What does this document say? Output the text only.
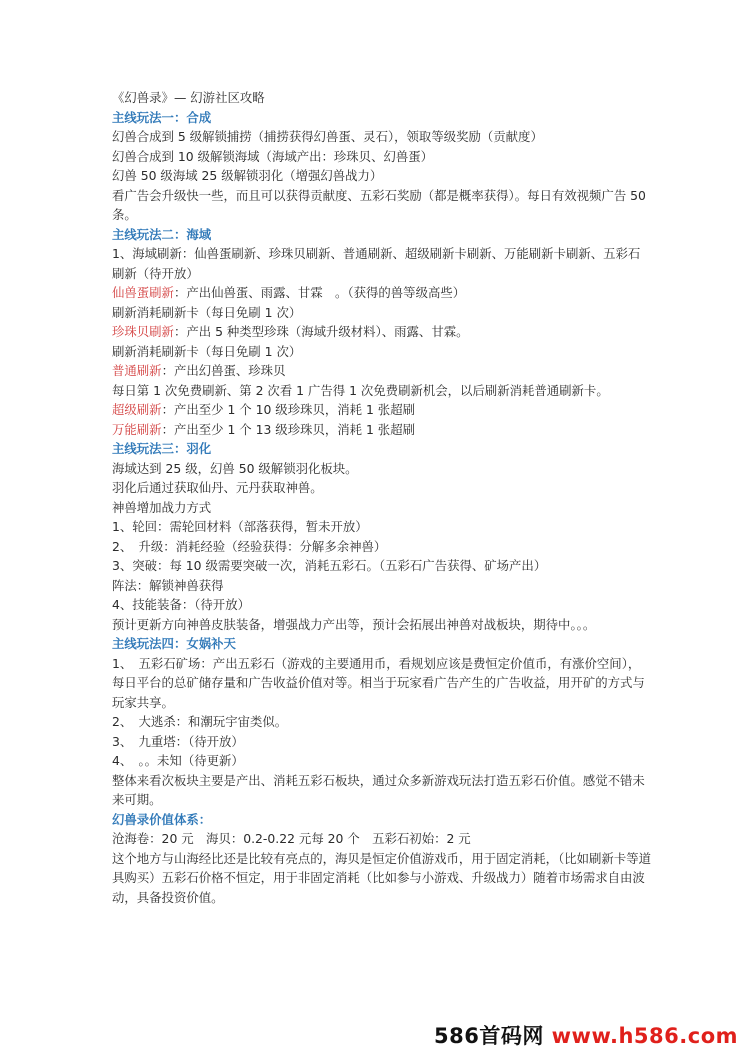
《幻兽录》— 幻游社区攻略

主线玩法一：合成

幻兽合成到 5 级解锁捕捞（捕捞获得幻兽蛋、灵石），领取等级奖励（贡献度）

幻兽合成到 10 级解锁海域（海域产出：珍珠贝、幻兽蛋）

幻兽 50 级海域 25 级解锁羽化（增强幻兽战力）

看广告会升级快一些，而且可以获得贡献度、五彩石奖励（都是概率获得）。每日有效视频广告 50 条。

主线玩法二：海域

1、海域刷新：仙兽蛋刷新、珍珠贝刷新、普通刷新、超级刷新卡刷新、万能刷新卡刷新、五彩石刷新（待开放）

仙兽蛋刷新：产出仙兽蛋、雨露、甘霖　。（获得的兽等级高些）

刷新消耗刷新卡（每日免刷 1 次）

珍珠贝刷新：产出 5 种类型珍珠（海域升级材料）、雨露、甘霖。

刷新消耗刷新卡（每日免刷 1 次）

普通刷新：产出幻兽蛋、珍珠贝

每日第 1 次免费刷新、第 2 次看 1 广告得 1 次免费刷新机会，以后刷新消耗普通刷新卡。

超级刷新：产出至少 1 个 10 级珍珠贝，消耗 1 张超刷

万能刷新：产出至少 1 个 13 级珍珠贝，消耗 1 张超刷

主线玩法三：羽化

海域达到 25 级，幻兽 50 级解锁羽化板块。

羽化后通过获取仙丹、元丹获取神兽。

神兽增加战力方式

1、轮回：需轮回材料（部落获得，暂未开放）

2、　升级：消耗经验（经验获得：分解多余神兽）

3、突破：每 10 级需要突破一次，消耗五彩石。（五彩石广告获得、矿场产出）

阵法：解锁神兽获得

4、技能装备：（待开放）

预计更新方向神兽皮肤装备，增强战力产出等，预计会拓展出神兽对战板块，期待中。。。

主线玩法四：女娲补天

1、　五彩石矿场：产出五彩石（游戏的主要通用币，看规划应该是费恒定价值币，有涨价空间），每日平台的总矿储存量和广告收益价值对等。相当于玩家看广告产生的广告收益，用开矿的方式与玩家共享。

2、　大逃杀：和潮玩宇宙类似。

3、　九重塔：（待开放）

4、　。。未知（待更新）

整体来看次板块主要是产出、消耗五彩石板块，通过众多新游戏玩法打造五彩石价值。感觉不错未来可期。

幻兽录价值体系：

沧海卷：20 元　海贝：0.2-0.22 元每 20 个　五彩石初始：2 元

这个地方与山海经比还是比较有亮点的，海贝是恒定价值游戏币，用于固定消耗，（比如刷新卡等道具购买）五彩石价格不恒定，用于非固定消耗（比如参与小游戏、升级战力）随着市场需求自由波动，具备投资价值。

586首码网 www.h586.com
